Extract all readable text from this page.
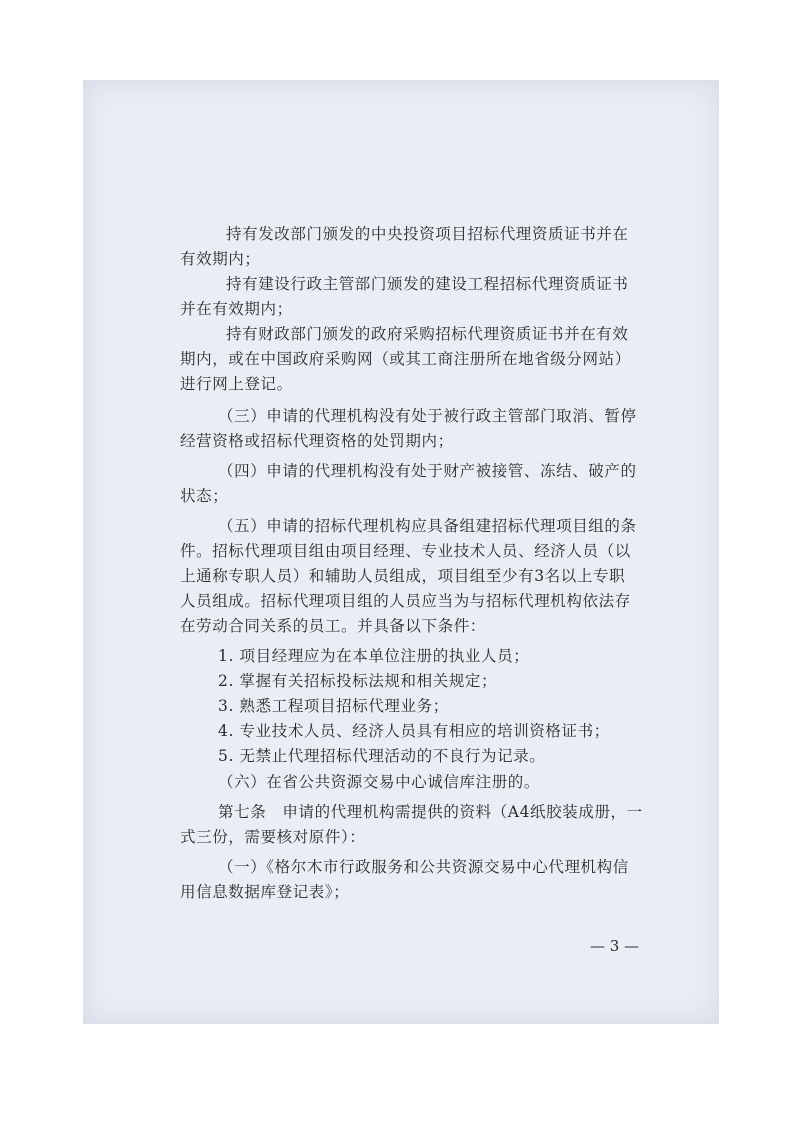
持有发改部门颁发的中央投资项目招标代理资质证书并在
有效期内；
持有建设行政主管部门颁发的建设工程招标代理资质证书
并在有效期内；
持有财政部门颁发的政府采购招标代理资质证书并在有效
期内，或在中国政府采购网（或其工商注册所在地省级分网站）
进行网上登记。
（三）申请的代理机构没有处于被行政主管部门取消、暂停
经营资格或招标代理资格的处罚期内；
（四）申请的代理机构没有处于财产被接管、冻结、破产的
状态；
（五）申请的招标代理机构应具备组建招标代理项目组的条
件。招标代理项目组由项目经理、专业技术人员、经济人员（以
上通称专职人员）和辅助人员组成，项目组至少有3名以上专职
人员组成。招标代理项目组的人员应当为与招标代理机构依法存
在劳动合同关系的员工。并具备以下条件：
1. 项目经理应为在本单位注册的执业人员；
2. 掌握有关招标投标法规和相关规定；
3. 熟悉工程项目招标代理业务；
4. 专业技术人员、经济人员具有相应的培训资格证书；
5. 无禁止代理招标代理活动的不良行为记录。
（六）在省公共资源交易中心诚信库注册的。
第七条　申请的代理机构需提供的资料（A4纸胶装成册，一
式三份，需要核对原件）：
（一）《格尔木市行政服务和公共资源交易中心代理机构信
用信息数据库登记表》；
— 3 —
